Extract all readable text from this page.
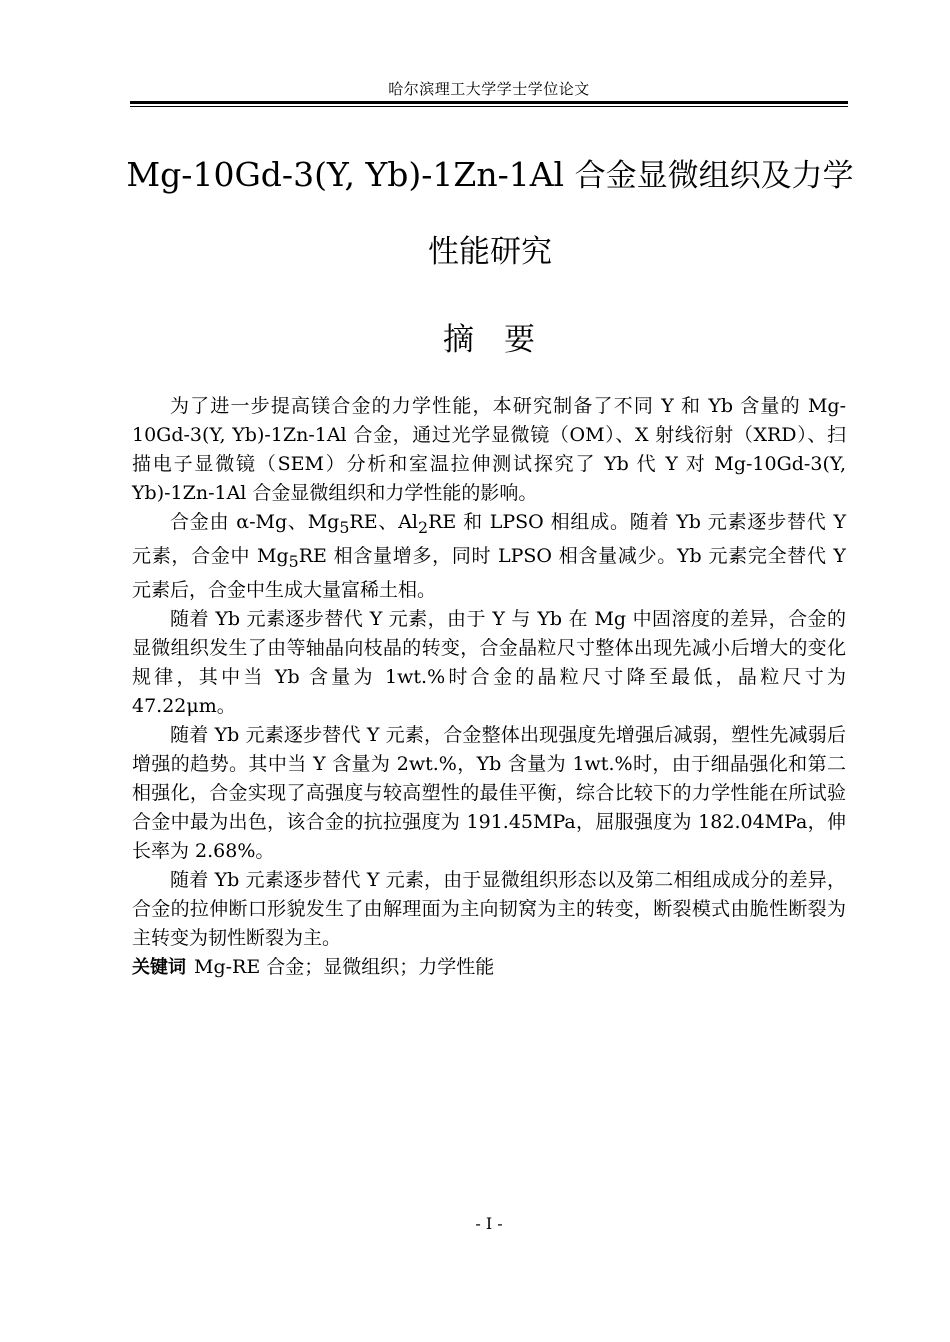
哈尔滨理工大学学士学位论文
Mg-10Gd-3(Y, Yb)-1Zn-1Al 合金显微组织及力学
性能研究
摘要

为了进一步提高镁合金的力学性能，本研究制备了不同 Y 和 Yb 含量的 Mg-10Gd-3(Y, Yb)-1Zn-1Al 合金，通过光学显微镜（OM）、X 射线衍射（XRD）、扫描电子显微镜（SEM）分析和室温拉伸测试探究了 Yb 代 Y 对 Mg-10Gd-3(Y, Yb)-1Zn-1Al 合金显微组织和力学性能的影响。

合金由 α-Mg、$Mg_5RE$、$Al_2RE$ 和 LPSO 相组成。随着 Yb 元素逐步替代 Y 元素，合金中 $Mg_5RE$ 相含量增多，同时 LPSO 相含量减少。Yb 元素完全替代 Y 元素后，合金中生成大量富稀土相。

随着 Yb 元素逐步替代 Y 元素，由于 Y 与 Yb 在 Mg 中固溶度的差异，合金的显微组织发生了由等轴晶向枝晶的转变，合金晶粒尺寸整体出现先减小后增大的变化规律，其中当 Yb 含量为 1wt.%时合金的晶粒尺寸降至最低，晶粒尺寸为 47.22μm。

随着 Yb 元素逐步替代 Y 元素，合金整体出现强度先增强后减弱，塑性先减弱后增强的趋势。其中当 Y 含量为 2wt.%，Yb 含量为 1wt.%时，由于细晶强化和第二相强化，合金实现了高强度与较高塑性的最佳平衡，综合比较下的力学性能在所试验合金中最为出色，该合金的抗拉强度为 191.45MPa，屈服强度为 182.04MPa，伸长率为 2.68%。

随着 Yb 元素逐步替代 Y 元素，由于显微组织形态以及第二相组成成分的差异，合金的拉伸断口形貌发生了由解理面为主向韧窝为主的转变，断裂模式由脆性断裂为主转变为韧性断裂为主。

关键词 Mg-RE 合金；显微组织；力学性能
- I -
